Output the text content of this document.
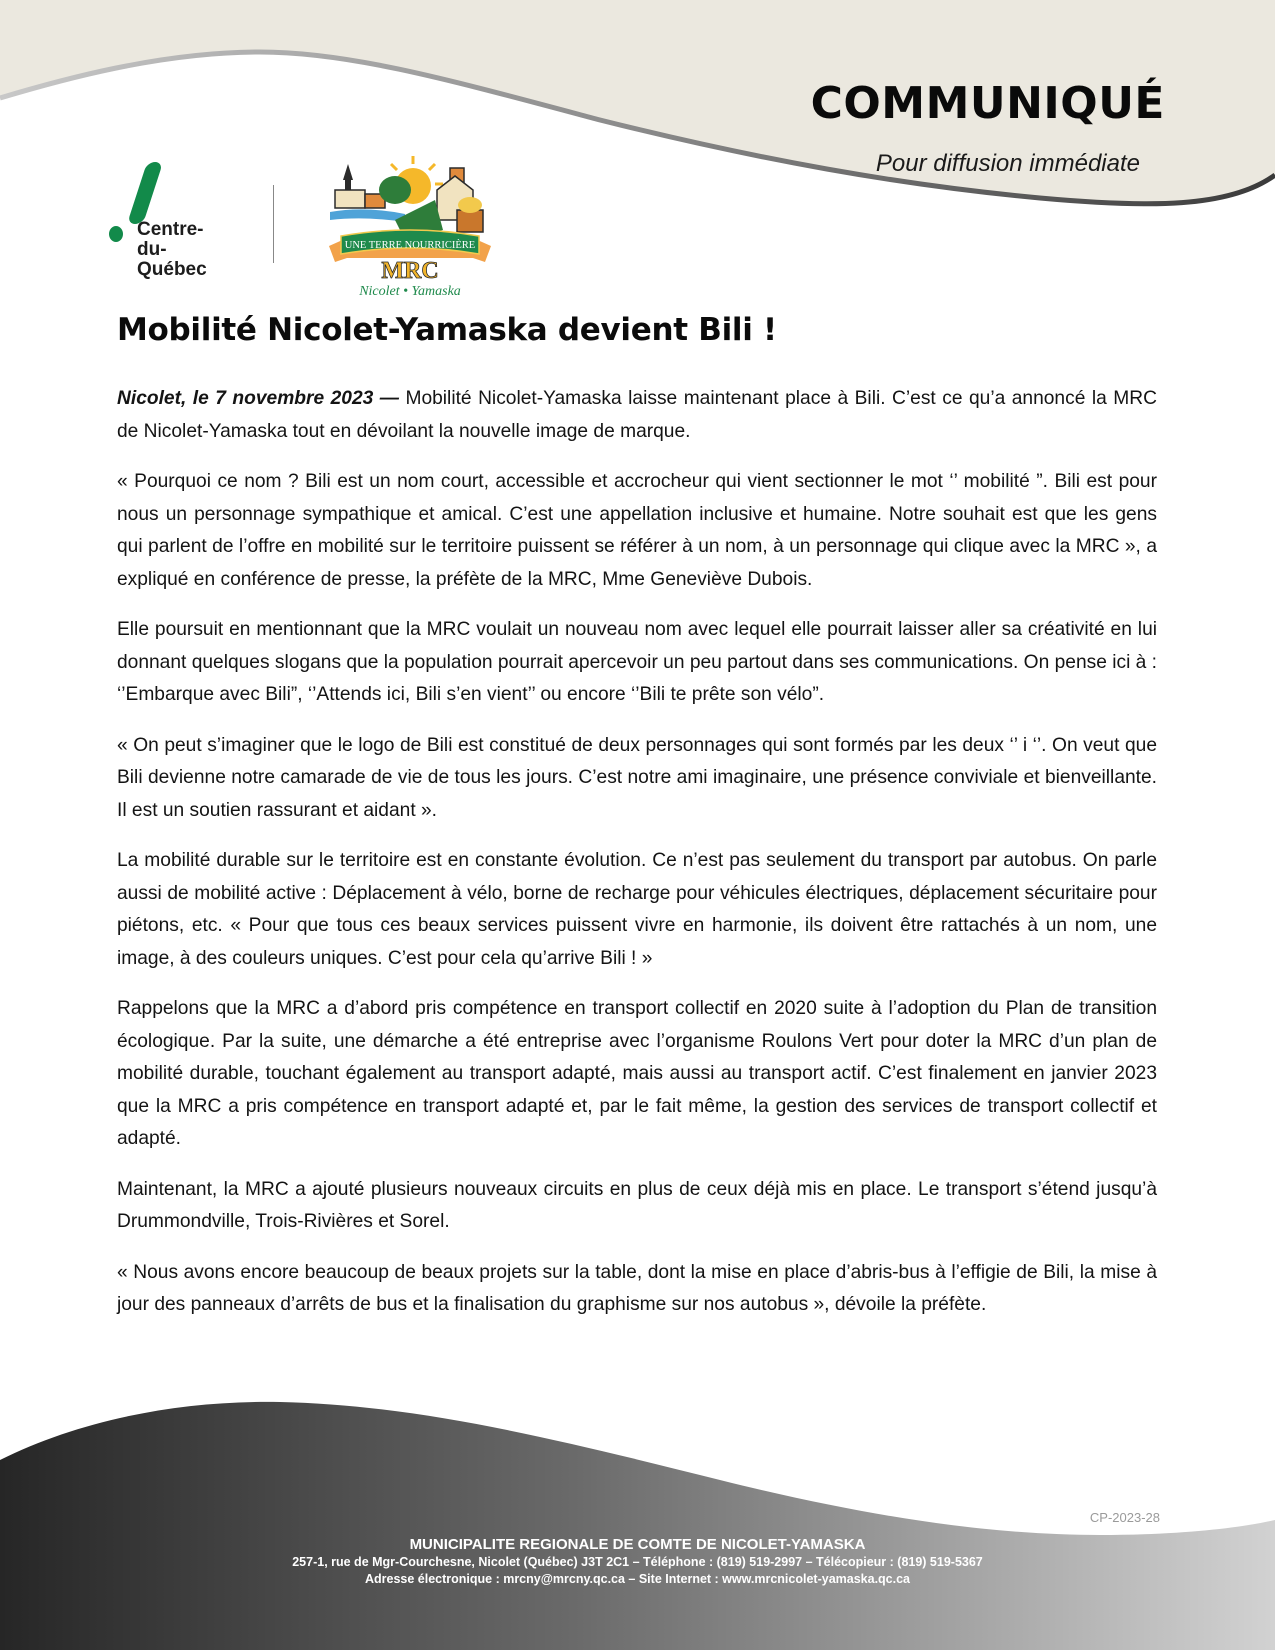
COMMUNIQUÉ
Pour diffusion immédiate
Centre-
du-
Québec
UNE TERRE NOURRICIÈRE
MRC
Nicolet • Yamaska
Mobilité Nicolet-Yamaska devient Bili !

Nicolet, le 7 novembre 2023 — Mobilité Nicolet-Yamaska laisse maintenant place à Bili. C’est ce qu’a annoncé la MRC de Nicolet-Yamaska tout en dévoilant la nouvelle image de marque.

« Pourquoi ce nom ? Bili est un nom court, accessible et accrocheur qui vient sectionner le mot ‘’ mobilité ”. Bili est pour nous un personnage sympathique et amical. C’est une appellation inclusive et humaine. Notre souhait est que les gens qui parlent de l’offre en mobilité sur le territoire puissent se référer à un nom, à un personnage qui clique avec la MRC », a expliqué en conférence de presse, la préfète de la MRC, Mme Geneviève Dubois.

Elle poursuit en mentionnant que la MRC voulait un nouveau nom avec lequel elle pourrait laisser aller sa créativité en lui donnant quelques slogans que la population pourrait apercevoir un peu partout dans ses communications. On pense ici à : ‘’Embarque avec Bili”, ‘’Attends ici, Bili s’en vient’’ ou encore ‘’Bili te prête son vélo”.

« On peut s’imaginer que le logo de Bili est constitué de deux personnages qui sont formés par les deux ‘’ i ‘’. On veut que Bili devienne notre camarade de vie de tous les jours. C’est notre ami imaginaire, une présence conviviale et bienveillante. Il est un soutien rassurant et aidant ».

La mobilité durable sur le territoire est en constante évolution. Ce n’est pas seulement du transport par autobus. On parle aussi de mobilité active : Déplacement à vélo, borne de recharge pour véhicules électriques, déplacement sécuritaire pour piétons, etc. « Pour que tous ces beaux services puissent vivre en harmonie, ils doivent être rattachés à un nom, une image, à des couleurs uniques. C’est pour cela qu’arrive Bili ! »

Rappelons que la MRC a d’abord pris compétence en transport collectif en 2020 suite à l’adoption du Plan de transition écologique. Par la suite, une démarche a été entreprise avec l’organisme Roulons Vert pour doter la MRC d’un plan de mobilité durable, touchant également au transport adapté, mais aussi au transport actif. C’est finalement en janvier 2023 que la MRC a pris compétence en transport adapté et, par le fait même, la gestion des services de transport collectif et adapté.

Maintenant, la MRC a ajouté plusieurs nouveaux circuits en plus de ceux déjà mis en place. Le transport s’étend jusqu’à Drummondville, Trois-Rivières et Sorel.

« Nous avons encore beaucoup de beaux projets sur la table, dont la mise en place d’abris-bus à l’effigie de Bili, la mise à jour des panneaux d’arrêts de bus et la finalisation du graphisme sur nos autobus », dévoile la préfète.

CP-2023-28
MUNICIPALITE REGIONALE DE COMTE DE NICOLET-YAMASKA
257-1, rue de Mgr-Courchesne, Nicolet (Québec) J3T 2C1 – Téléphone : (819) 519-2997 – Télécopieur : (819) 519-5367
Adresse électronique : mrcny@mrcny.qc.ca – Site Internet : www.mrcnicolet-yamaska.qc.ca
